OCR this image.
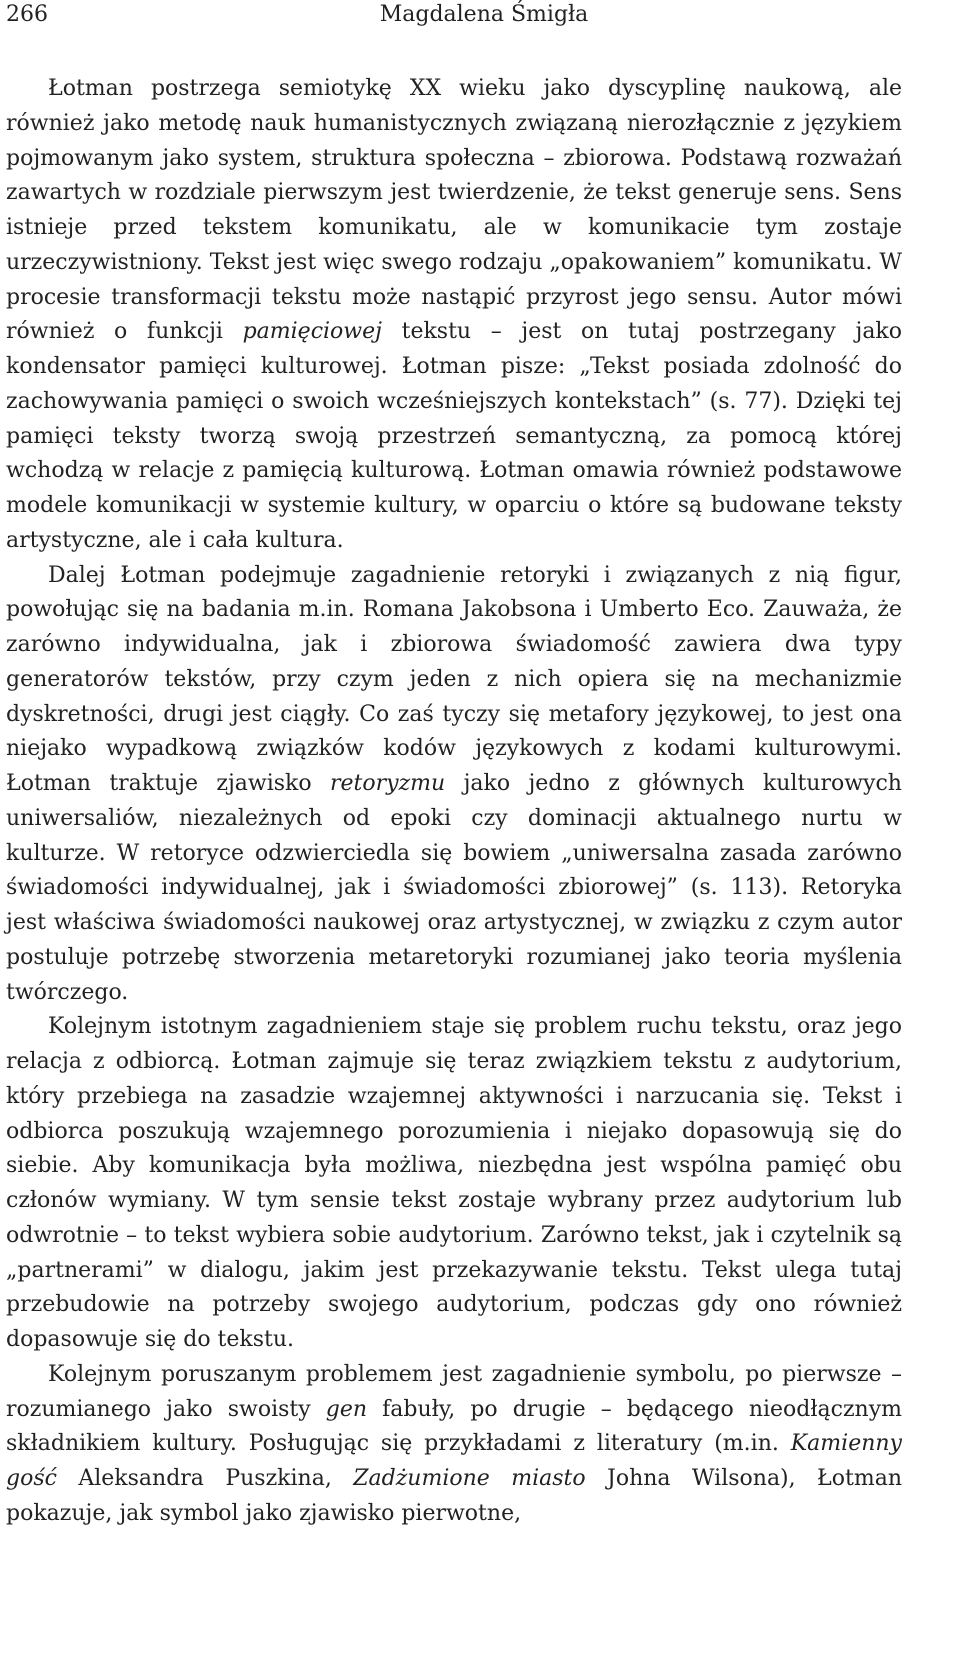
266	Magdalena Śmigła

Łotman postrzega semiotykę XX wieku jako dyscyplinę naukową, ale również jako metodę nauk humanistycznych związaną nierozłącznie z językiem pojmowanym jako system, struktura społeczna – zbiorowa. Podstawą rozważań zawartych w rozdziale pierwszym jest twierdzenie, że tekst generuje sens. Sens istnieje przed tekstem komunikatu, ale w komunikacie tym zostaje urzeczywistniony. Tekst jest więc swego rodzaju „opakowaniem” komunikatu. W procesie transformacji tekstu może nastąpić przyrost jego sensu. Autor mówi również o funkcji pamięciowej tekstu – jest on tutaj postrzegany jako kondensator pamięci kulturowej. Łotman pisze: „Tekst posiada zdolność do zachowywania pamięci o swoich wcześniejszych kontekstach” (s. 77). Dzięki tej pamięci teksty tworzą swoją przestrzeń semantyczną, za pomocą której wchodzą w relacje z pamięcią kulturową. Łotman omawia również podstawowe modele komunikacji w systemie kultury, w oparciu o które są budowane teksty artystyczne, ale i cała kultura.

Dalej Łotman podejmuje zagadnienie retoryki i związanych z nią figur, powołując się na badania m.in. Romana Jakobsona i Umberto Eco. Zauważa, że zarówno indywidualna, jak i zbiorowa świadomość zawiera dwa typy generatorów tekstów, przy czym jeden z nich opiera się na mechanizmie dyskretności, drugi jest ciągły. Co zaś tyczy się metafory językowej, to jest ona niejako wypadkową związków kodów językowych z kodami kulturowymi. Łotman traktuje zjawisko retoryzmu jako jedno z głównych kulturowych uniwersaliów, niezależnych od epoki czy dominacji aktualnego nurtu w kulturze. W retoryce odzwierciedla się bowiem „uniwersalna zasada zarówno świadomości indywidualnej, jak i świadomości zbiorowej” (s. 113). Retoryka jest właściwa świadomości naukowej oraz artystycznej, w związku z czym autor postuluje potrzebę stworzenia metaretoryki rozumianej jako teoria myślenia twórczego.

Kolejnym istotnym zagadnieniem staje się problem ruchu tekstu, oraz jego relacja z odbiorcą. Łotman zajmuje się teraz związkiem tekstu z audytorium, który przebiega na zasadzie wzajemnej aktywności i narzucania się. Tekst i odbiorca poszukują wzajemnego porozumienia i niejako dopasowują się do siebie. Aby komunikacja była możliwa, niezbędna jest wspólna pamięć obu członów wymiany. W tym sensie tekst zostaje wybrany przez audytorium lub odwrotnie – to tekst wybiera sobie audytorium. Zarówno tekst, jak i czytelnik są „partnerami” w dialogu, jakim jest przekazywanie tekstu. Tekst ulega tutaj przebudowie na potrzeby swojego audytorium, podczas gdy ono również dopasowuje się do tekstu.

Kolejnym poruszanym problemem jest zagadnienie symbolu, po pierwsze – rozumianego jako swoisty gen fabuły, po drugie – będącego nieodłącznym składnikiem kultury. Posługując się przykładami z literatury (m.in. Kamienny gość Aleksandra Puszkina, Zadżumione miasto Johna Wilsona), Łotman pokazuje, jak symbol jako zjawisko pierwotne,
